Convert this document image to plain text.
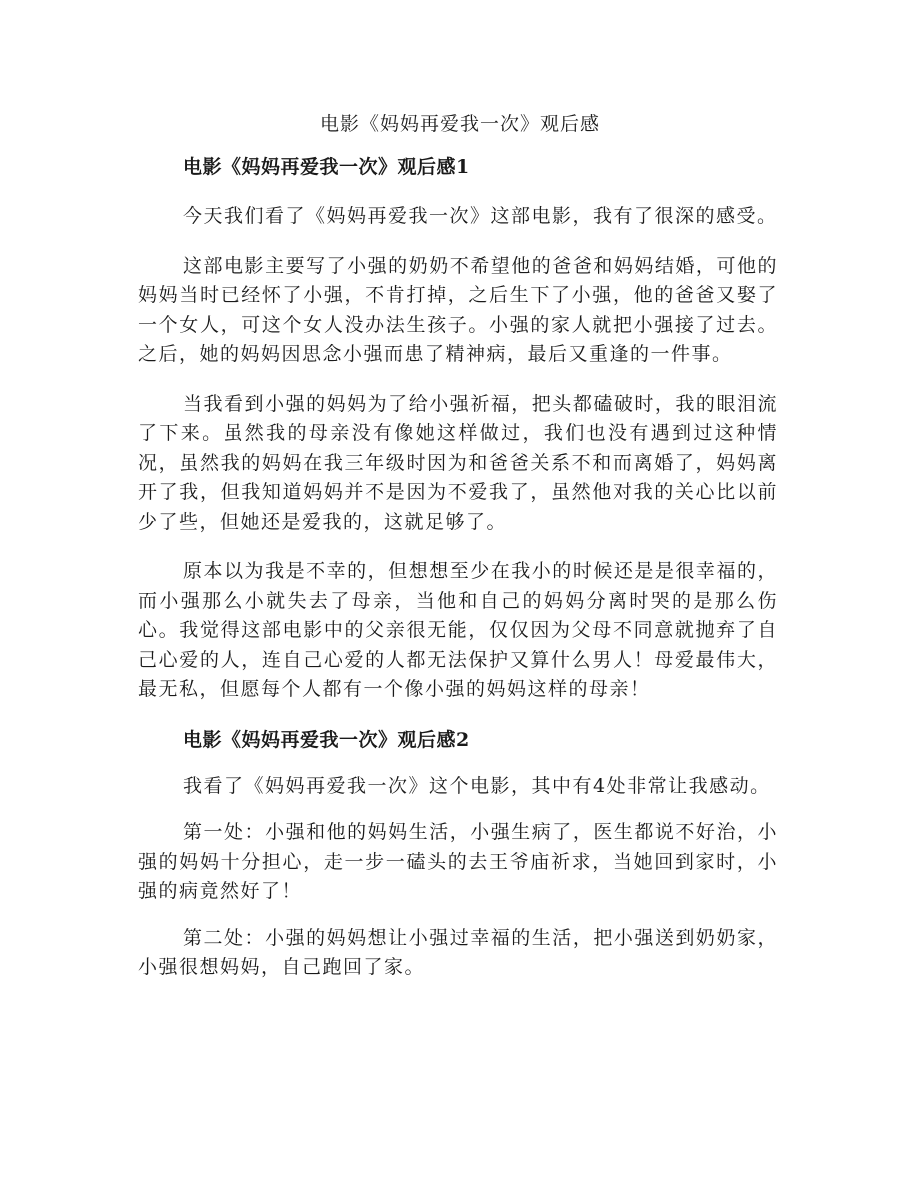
电影《妈妈再爱我一次》观后感
电影《妈妈再爱我一次》观后感1

今天我们看了《妈妈再爱我一次》这部电影，我有了很深的感受。

这部电影主要写了小强的奶奶不希望他的爸爸和妈妈结婚，可他的妈妈当时已经怀了小强，不肯打掉，之后生下了小强，他的爸爸又娶了一个女人，可这个女人没办法生孩子。小强的家人就把小强接了过去。之后，她的妈妈因思念小强而患了精神病，最后又重逢的一件事。

当我看到小强的妈妈为了给小强祈福，把头都磕破时，我的眼泪流了下来。虽然我的母亲没有像她这样做过，我们也没有遇到过这种情况，虽然我的妈妈在我三年级时因为和爸爸关系不和而离婚了，妈妈离开了我，但我知道妈妈并不是因为不爱我了，虽然他对我的关心比以前少了些，但她还是爱我的，这就足够了。

原本以为我是不幸的，但想想至少在我小的时候还是是很幸福的，而小强那么小就失去了母亲，当他和自己的妈妈分离时哭的是那么伤心。我觉得这部电影中的父亲很无能，仅仅因为父母不同意就抛弃了自己心爱的人，连自己心爱的人都无法保护又算什么男人！母爱最伟大，最无私，但愿每个人都有一个像小强的妈妈这样的母亲！

电影《妈妈再爱我一次》观后感2

我看了《妈妈再爱我一次》这个电影，其中有4处非常让我感动。

第一处：小强和他的妈妈生活，小强生病了，医生都说不好治，小强的妈妈十分担心，走一步一磕头的去王爷庙祈求，当她回到家时，小强的病竟然好了！

第二处：小强的妈妈想让小强过幸福的生活，把小强送到奶奶家，小强很想妈妈，自己跑回了家。
